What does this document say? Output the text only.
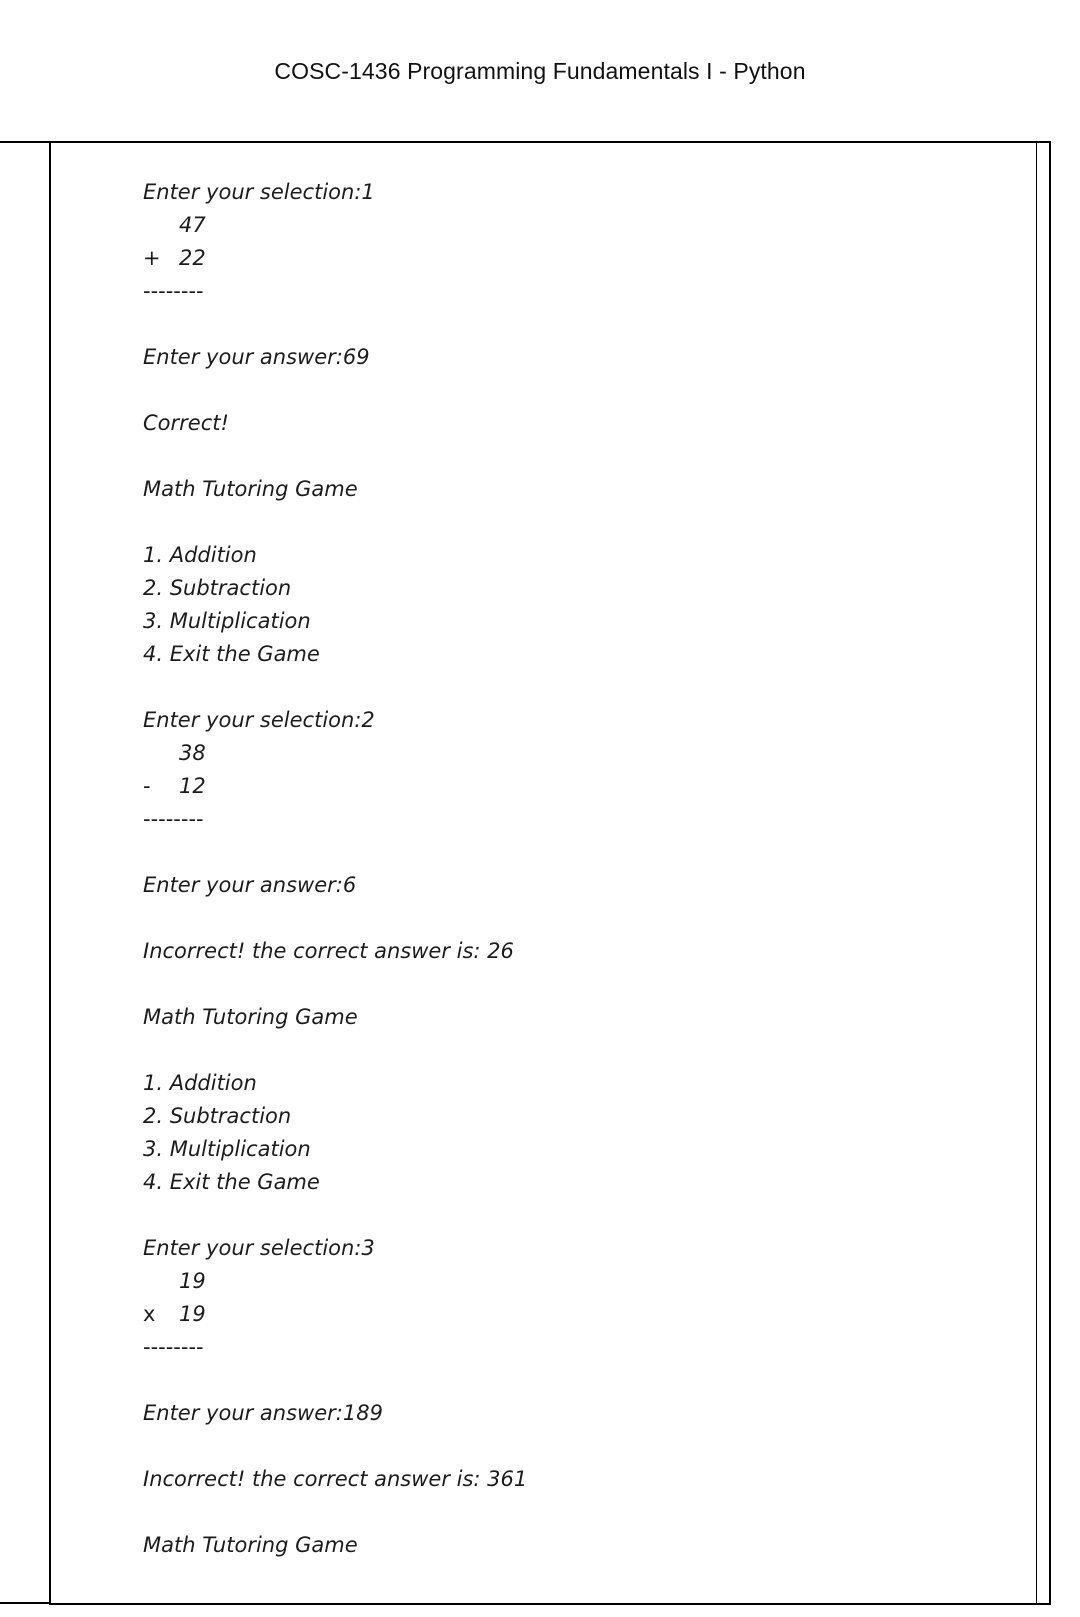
COSC-1436 Programming Fundamentals I - Python
Enter your selection:1
47
+ 22
--------
Enter your answer:69
Correct!
Math Tutoring Game
1. Addition
2. Subtraction
3. Multiplication
4. Exit the Game
Enter your selection:2
38
-	12
--------
Enter your answer:6
Incorrect! the correct answer is: 26
Math Tutoring Game
1. Addition
2. Subtraction
3. Multiplication
4. Exit the Game
Enter your selection:3
19
x	19
--------
Enter your answer:189
Incorrect! the correct answer is: 361
Math Tutoring Game
